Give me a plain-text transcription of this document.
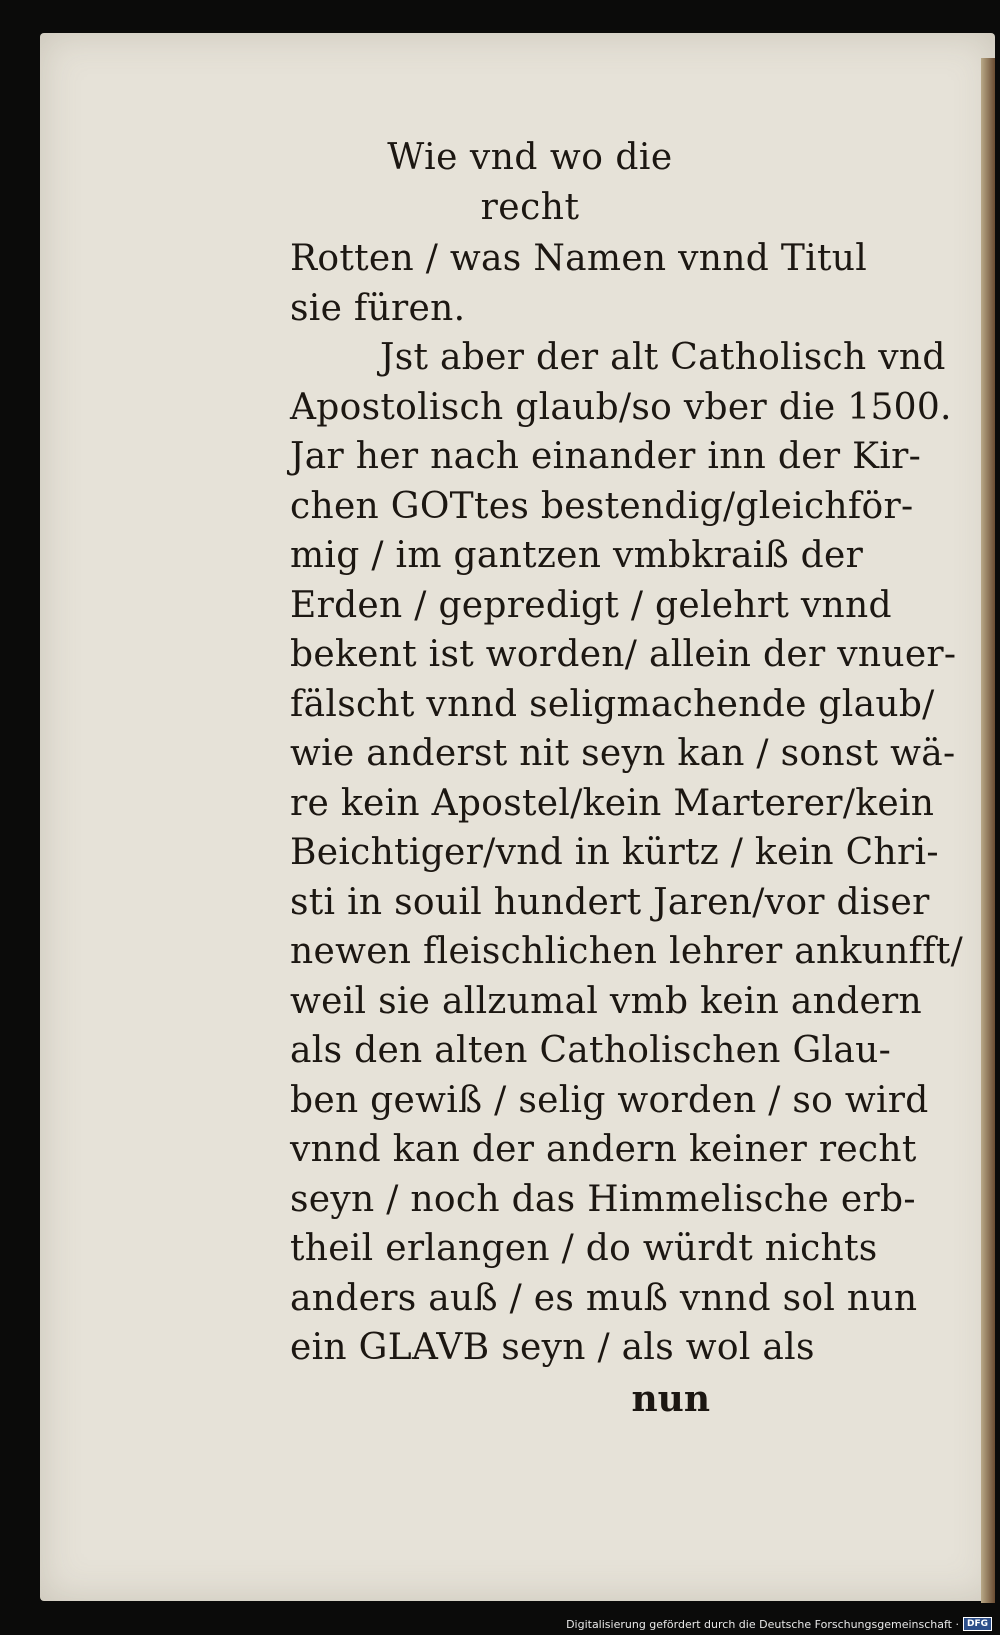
Wie vnd wo die recht
Rotten / was Namen vnnd Titul
sie füren.
Jst aber der alt Catholisch vnd
Apostolisch glaub/so vber die 1500.
Jar her nach einander inn der Kir-
chen GOTtes bestendig/gleichför-
mig / im gantzen vmbkraiß der
Erden / gepredigt / gelehrt vnnd
bekent ist worden/ allein der vnuer-
fälscht vnnd seligmachende glaub/
wie anderst nit seyn kan / sonst wä-
re kein Apostel/kein Marterer/kein
Beichtiger/vnd in kürtz / kein Chri-
sti in souil hundert Jaren/vor diser
newen fleischlichen lehrer ankunfft/
weil sie allzumal vmb kein andern
als den alten Catholischen Glau-
ben gewiß / selig worden / so wird
vnnd kan der andern keiner recht
seyn / noch das Himmelische erb-
theil erlangen / do würdt nichts
anders auß / es muß vnnd sol nun
ein GLAVB seyn / als wol als
nun
Digitalisierung gefördert durch die Deutsche Forschungsgemeinschaft · DFG
